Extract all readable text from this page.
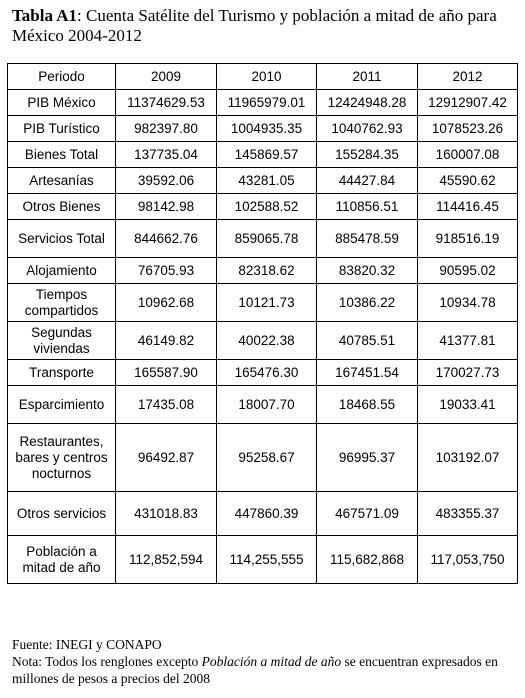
Tabla A1: Cuenta Satélite del Turismo y población a mitad de año para México 2004-2012
Periodo	2009	2010	2011	2012
PIB México	11374629.53	11965979.01	12424948.28	12912907.42
PIB Turístico	982397.80	1004935.35	1040762.93	1078523.26
Bienes Total	137735.04	145869.57	155284.35	160007.08
Artesanías	39592.06	43281.05	44427.84	45590.62
Otros Bienes	98142.98	102588.52	110856.51	114416.45
Servicios Total	844662.76	859065.78	885478.59	918516.19
Alojamiento	76705.93	82318.62	83820.32	90595.02
Tiempos compartidos	10962.68	10121.73	10386.22	10934.78
Segundas viviendas	46149.82	40022.38	40785.51	41377.81
Transporte	165587.90	165476.30	167451.54	170027.73
Esparcimiento	17435.08	18007.70	18468.55	19033.41
Restaurantes, bares y centros nocturnos	96492.87	95258.67	96995.37	103192.07
Otros servicios	431018.83	447860.39	467571.09	483355.37
Población a mitad de año	112,852,594	114,255,555	115,682,868	117,053,750
Fuente: INEGI y CONAPO
Nota: Todos los renglones excepto Población a mitad de año se encuentran expresados en millones de pesos a precios del 2008
